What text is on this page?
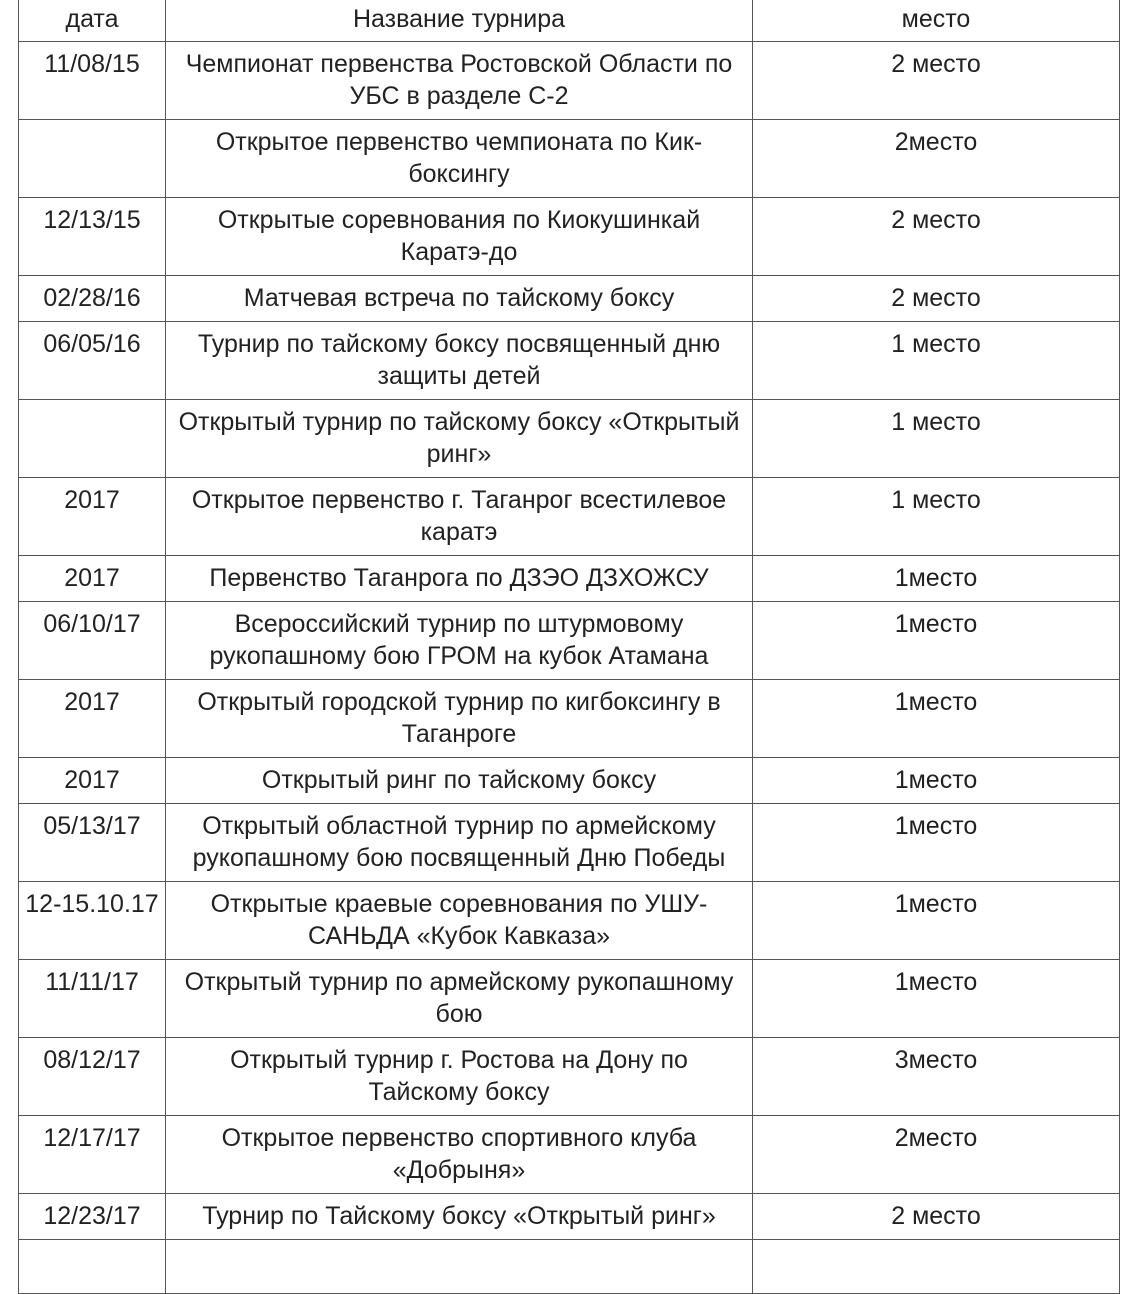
дата	Название турнира	место
11/08/15	Чемпионат первенства Ростовской Области по УБС в разделе С-2	2 место
	Открытое первенство чемпионата по Кик-боксингу	2место
12/13/15	Открытые соревнования по Киокушинкай Каратэ-до	2 место
02/28/16	Матчевая встреча по тайскому боксу	2 место
06/05/16	Турнир по тайскому боксу посвященный дню защиты детей	1 место
	Открытый турнир по тайскому боксу «Открытый ринг»	1 место
2017	Открытое первенство г. Таганрог всестилевое каратэ	1 место
2017	Первенство Таганрога по ДЗЭО ДЗХОЖСУ	1место
06/10/17	Всероссийский турнир по штурмовому рукопашному бою ГРОМ на кубок Атамана	1место
2017	Открытый городской турнир по кигбоксингу в Таганроге	1место
2017	Открытый ринг по тайскому боксу	1место
05/13/17	Открытый областной турнир по армейскому рукопашному бою посвященный Дню Победы	1место
12-15.10.17	Открытые краевые соревнования по УШУ-САНЬДА «Кубок Кавказа»	1место
11/11/17	Открытый турнир по армейскому рукопашному бою	1место
08/12/17	Открытый турнир г. Ростова на Дону по Тайскому боксу	3место
12/17/17	Открытое первенство спортивного клуба «Добрыня»	2место
12/23/17	Турнир по Тайскому боксу «Открытый ринг»	2 место
